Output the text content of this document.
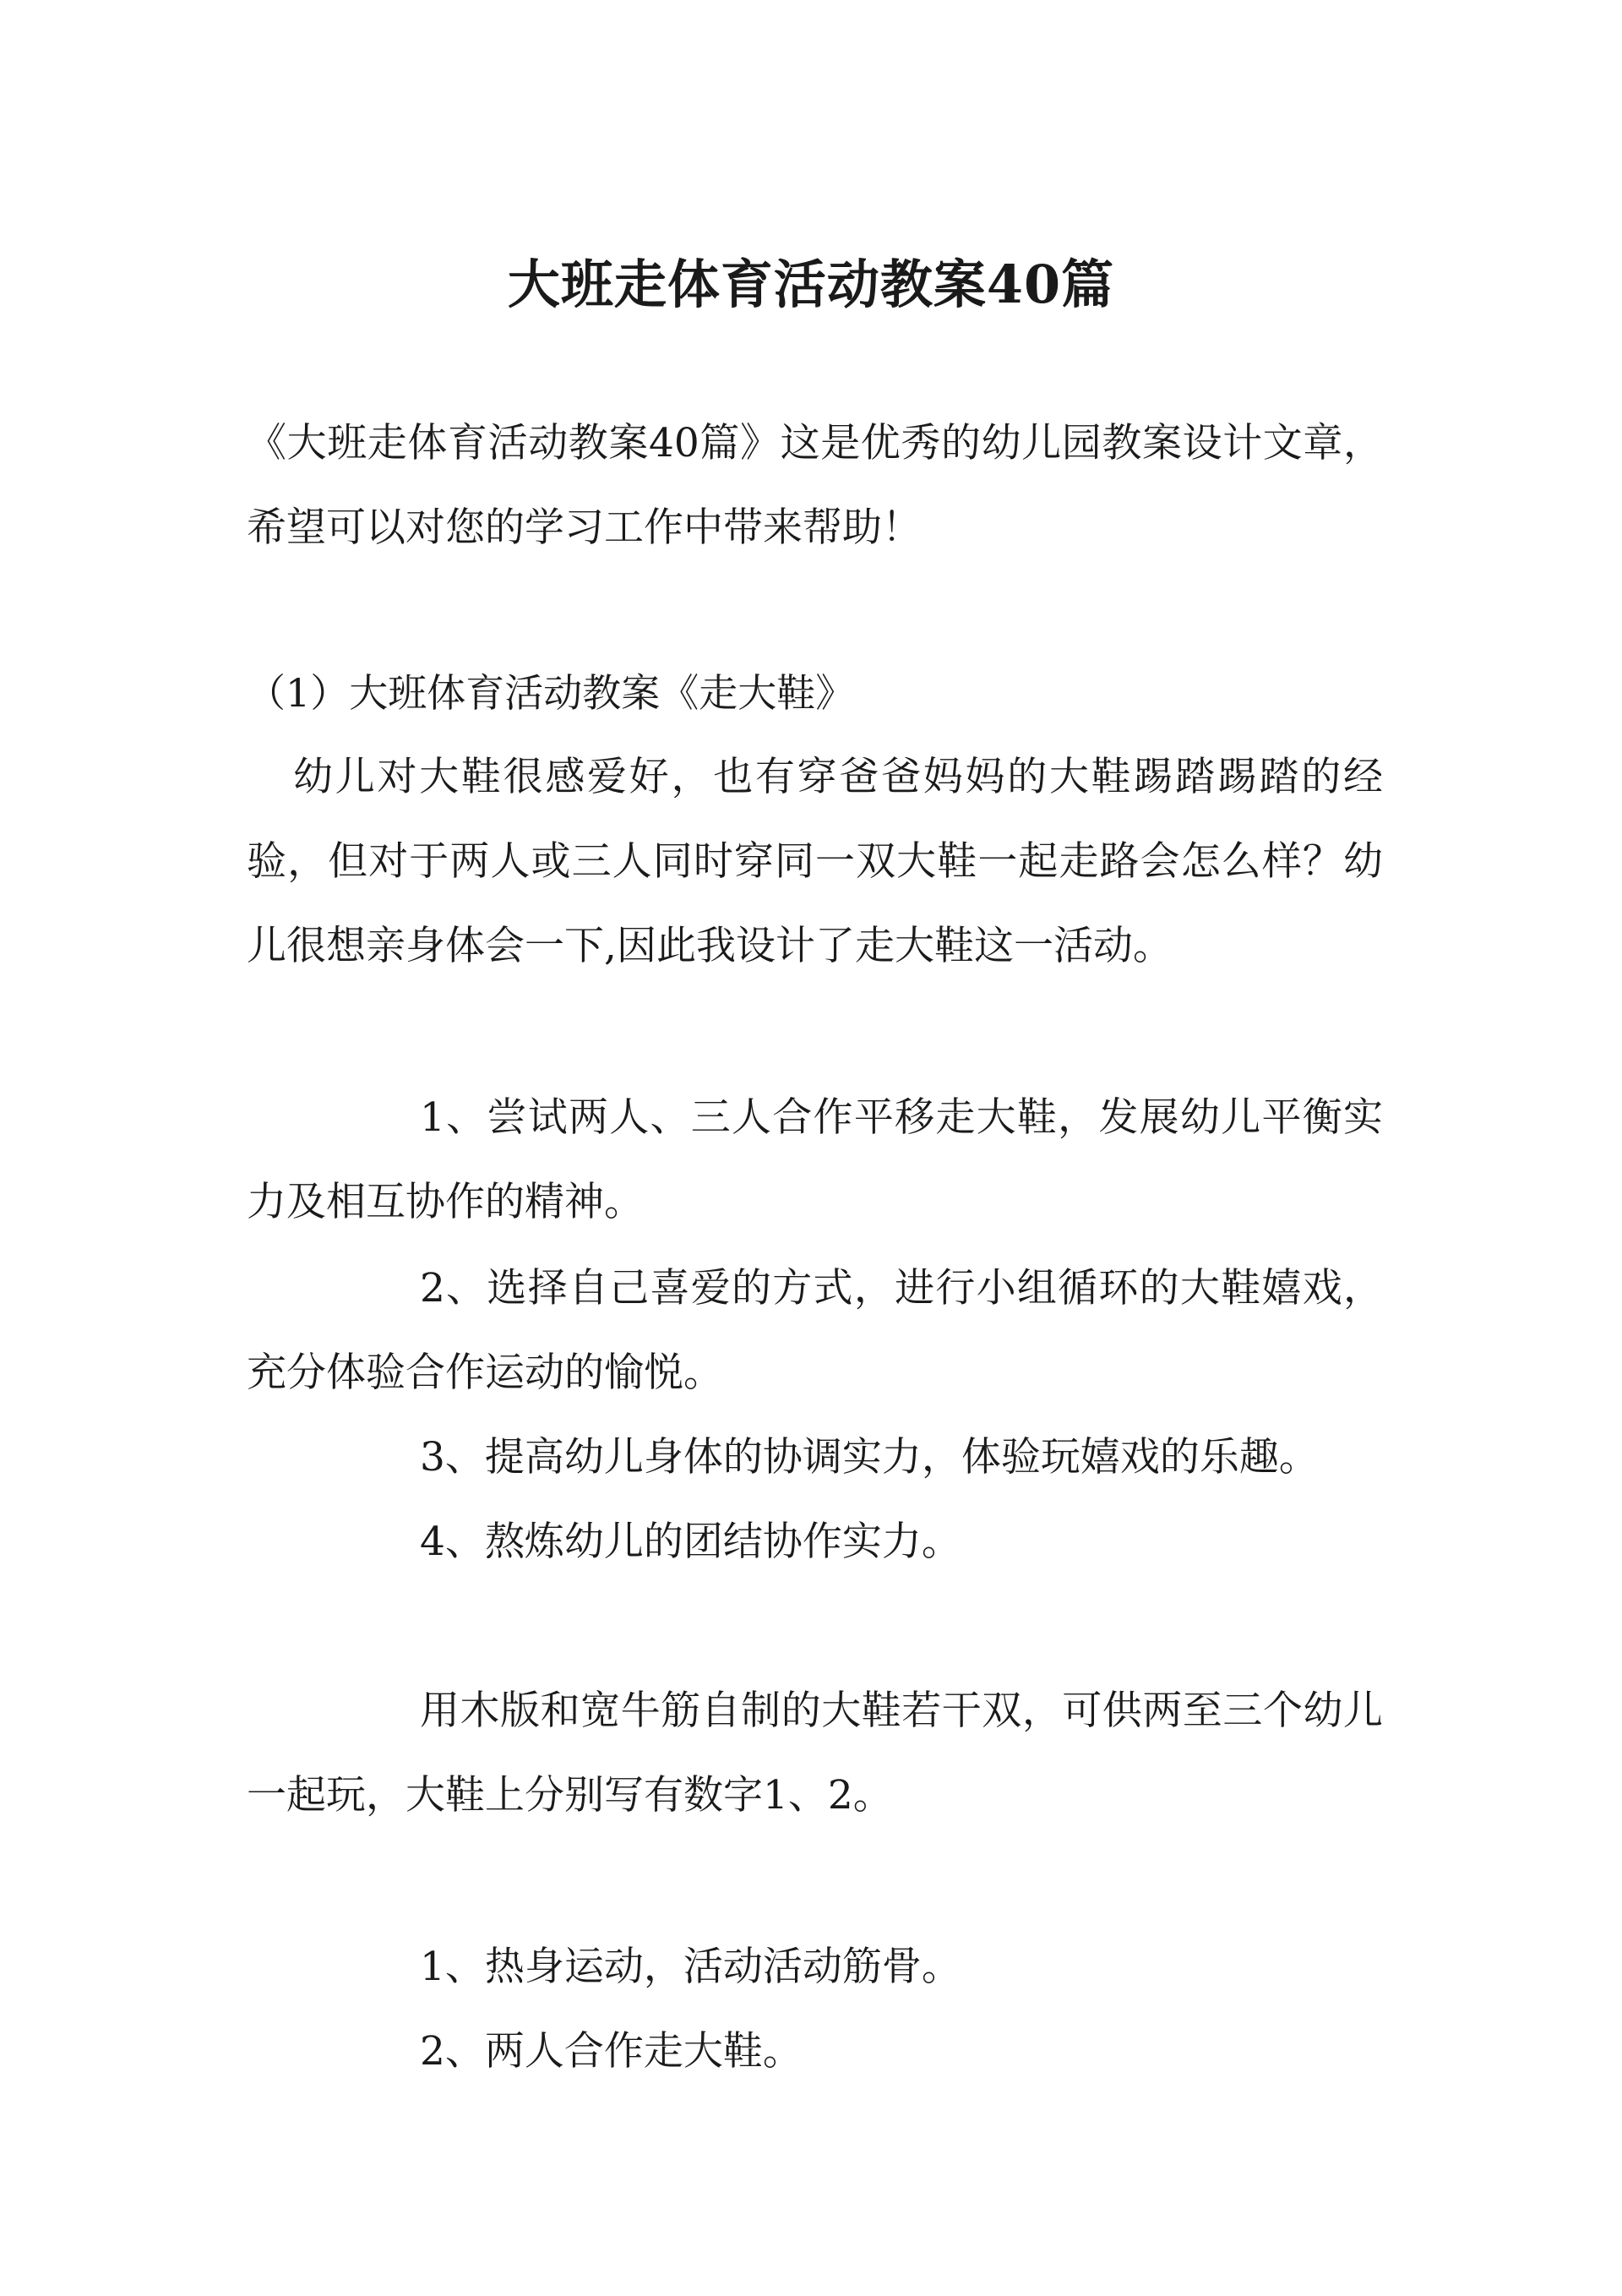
大班走体育活动教案40篇
《大班走体育活动教案40篇》这是优秀的幼儿园教案设计文章，希望可以对您的学习工作中带来帮助！
（1）大班体育活动教案《走大鞋》
幼儿对大鞋很感爱好，也有穿爸爸妈妈的大鞋踢踏踢踏的经验，但对于两人或三人同时穿同一双大鞋一起走路会怎么样？幼儿很想亲身体会一下,因此我设计了走大鞋这一活动。
1、尝试两人、三人合作平移走大鞋，发展幼儿平衡实力及相互协作的精神。
2、选择自己喜爱的方式，进行小组循环的大鞋嬉戏，充分体验合作运动的愉悦。
3、提高幼儿身体的协调实力，体验玩嬉戏的乐趣。
4、熬炼幼儿的团结协作实力。
用木版和宽牛筋自制的大鞋若干双，可供两至三个幼儿一起玩，大鞋上分别写有数字1、2。
1、热身运动，活动活动筋骨。
2、两人合作走大鞋。
